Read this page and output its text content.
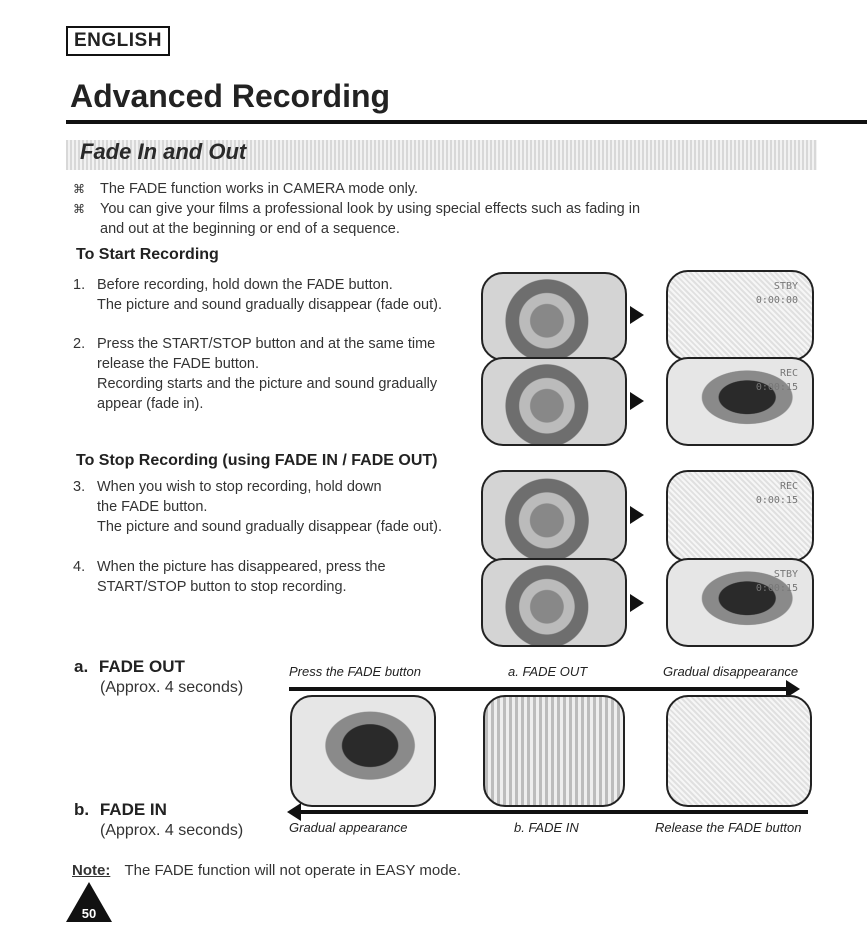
ENGLISH
Advanced Recording
Fade In and Out
⌘ The FADE function works in CAMERA mode only.
⌘ You can give your films a professional look by using special effects such as fading in
and out at the beginning or end of a sequence.
To Start Recording
1. Before recording, hold down the FADE button.
The picture and sound gradually disappear (fade out).
2. Press the START/STOP button and at the same time
release the FADE button.
Recording starts and the picture and sound gradually
appear (fade in).
To Stop Recording (using FADE IN / FADE OUT)
3. When you wish to stop recording, hold down
the FADE button.
The picture and sound gradually disappear (fade out).
4. When the picture has disappeared, press the
START/STOP button to stop recording.
STBY
0:00:00
REC
0:00:15
REC
0:00:15
STBY
0:00:15
a. FADE OUT
(Approx. 4 seconds)
Press the FADE button	a. FADE OUT	Gradual disappearance
b. FADE IN
(Approx. 4 seconds)	Gradual appearance	b. FADE IN	Release the FADE button
Note: The FADE function will not operate in EASY mode.
50
